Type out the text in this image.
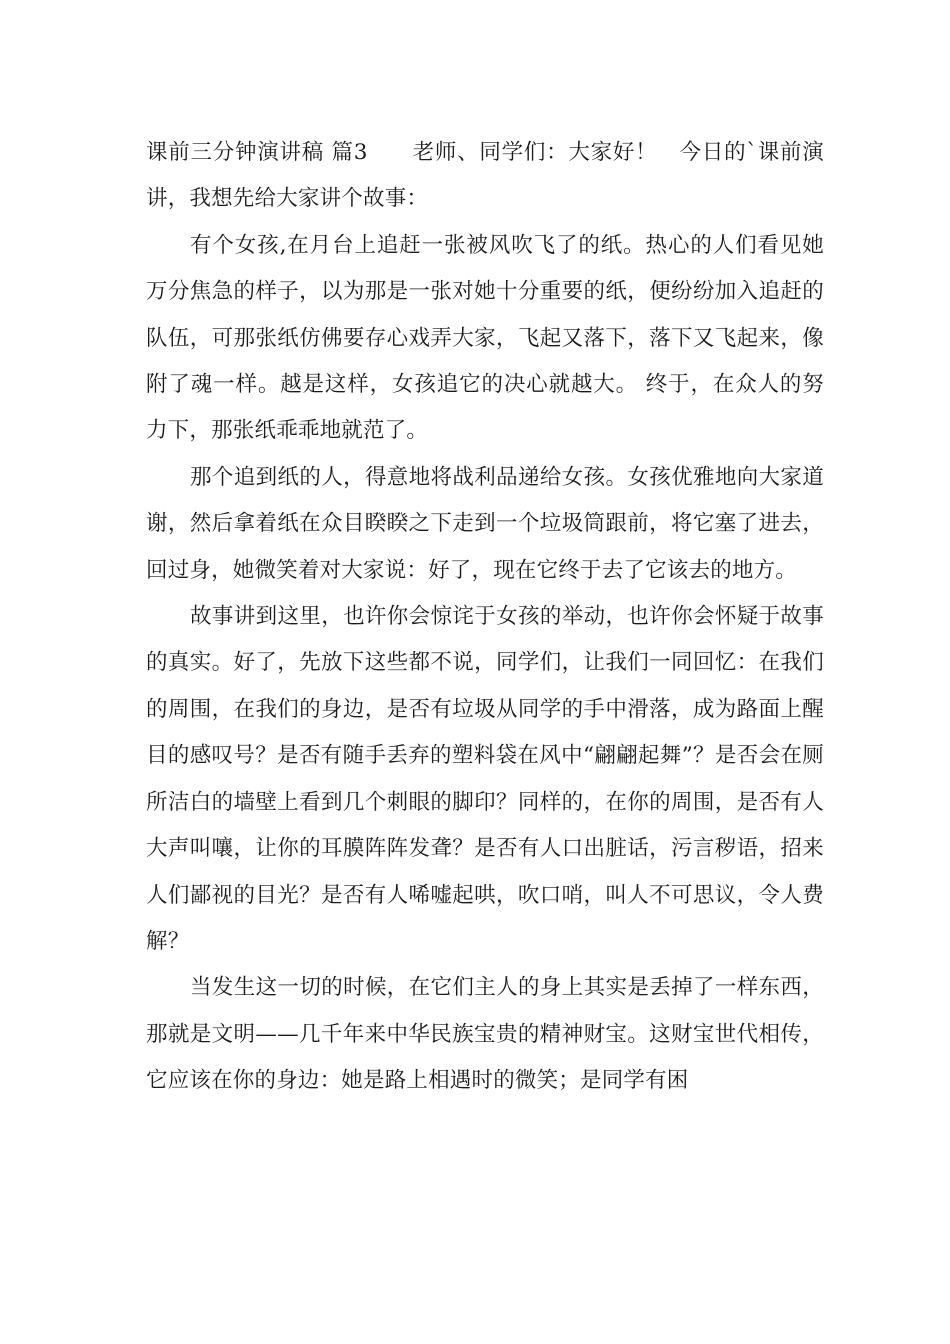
课前三分钟演讲稿 篇3　　老师、同学们：大家好！　今日的`课前演讲，我想先给大家讲个故事：

有个女孩,在月台上追赶一张被风吹飞了的纸。热心的人们看见她万分焦急的样子，以为那是一张对她十分重要的纸，便纷纷加入追赶的队伍，可那张纸仿佛要存心戏弄大家，飞起又落下，落下又飞起来，像附了魂一样。越是这样，女孩追它的决心就越大。 终于，在众人的努力下，那张纸乖乖地就范了。

那个追到纸的人，得意地将战利品递给女孩。女孩优雅地向大家道谢，然后拿着纸在众目睽睽之下走到一个垃圾筒跟前，将它塞了进去，回过身，她微笑着对大家说：好了，现在它终于去了它该去的地方。

故事讲到这里，也许你会惊诧于女孩的举动，也许你会怀疑于故事的真实。好了，先放下这些都不说，同学们，让我们一同回忆：在我们的周围，在我们的身边，是否有垃圾从同学的手中滑落，成为路面上醒目的感叹号？是否有随手丢弃的塑料袋在风中“翩翩起舞”？是否会在厕所洁白的墙壁上看到几个刺眼的脚印？同样的，在你的周围，是否有人大声叫嚷，让你的耳膜阵阵发聋？是否有人口出脏话，污言秽语，招来人们鄙视的目光？是否有人唏嘘起哄，吹口哨，叫人不可思议，令人费解？

当发生这一切的时候，在它们主人的身上其实是丢掉了一样东西，那就是文明——几千年来中华民族宝贵的精神财宝。这财宝世代相传，它应该在你的身边：她是路上相遇时的微笑；是同学有困
